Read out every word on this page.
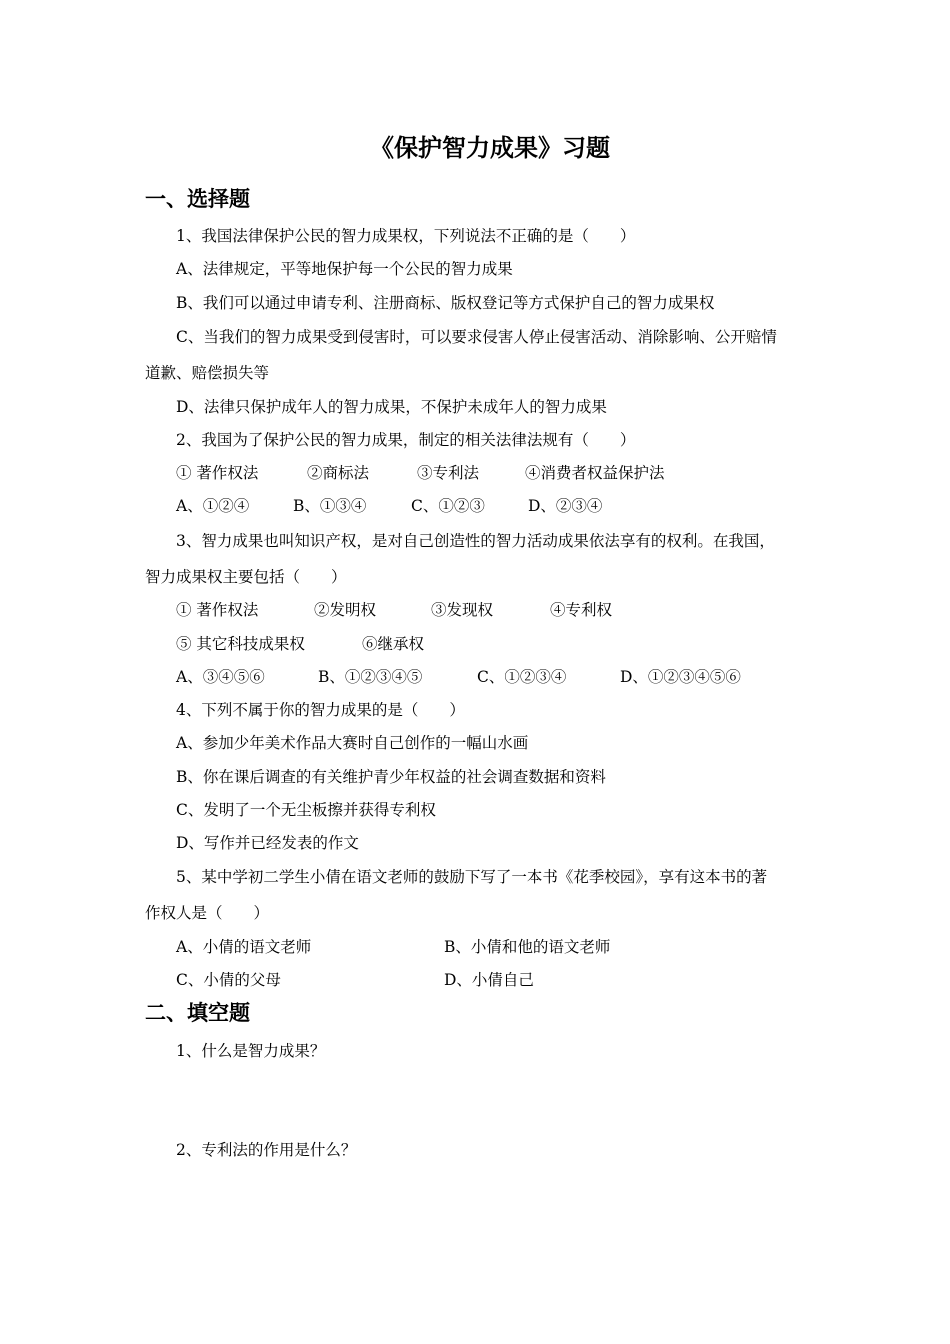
《保护智力成果》习题
一、选择题
1、我国法律保护公民的智力成果权，下列说法不正确的是（　　）
A、法律规定，平等地保护每一个公民的智力成果
B、我们可以通过申请专利、注册商标、版权登记等方式保护自己的智力成果权
C、当我们的智力成果受到侵害时，可以要求侵害人停止侵害活动、消除影响、公开赔情
道歉、赔偿损失等
D、法律只保护成年人的智力成果，不保护未成年人的智力成果
2、我国为了保护公民的智力成果，制定的相关法律法规有（　　）
① 著作权法	②商标法	③专利法	④消费者权益保护法
A、①②④	B、①③④	C、①②③	D、②③④
3、智力成果也叫知识产权，是对自己创造性的智力活动成果依法享有的权利。在我国，
智力成果权主要包括（　　）
① 著作权法	②发明权	③发现权	④专利权
⑤ 其它科技成果权	⑥继承权
A、③④⑤⑥	B、①②③④⑤	C、①②③④	D、①②③④⑤⑥
4、下列不属于你的智力成果的是（　　）
A、参加少年美术作品大赛时自己创作的一幅山水画
B、你在课后调查的有关维护青少年权益的社会调查数据和资料
C、发明了一个无尘板擦并获得专利权
D、写作并已经发表的作文
5、某中学初二学生小倩在语文老师的鼓励下写了一本书《花季校园》，享有这本书的著
作权人是（　　）
A、小倩的语文老师	B、小倩和他的语文老师
C、小倩的父母	D、小倩自己
二、填空题
1、什么是智力成果？
2、专利法的作用是什么？
